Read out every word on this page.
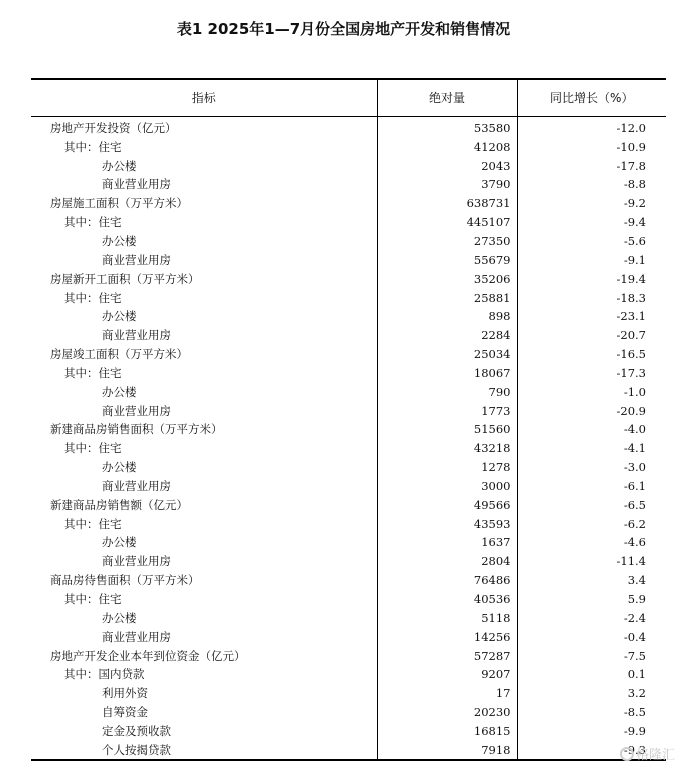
表1 2025年1—7月份全国房地产开发和销售情况
指标	绝对量	同比增长（%）
房地产开发投资（亿元）	53580	-12.0
其中：住宅	41208	-10.9
办公楼	2043	-17.8
商业营业用房	3790	-8.8
房屋施工面积（万平方米）	638731	-9.2
其中：住宅	445107	-9.4
办公楼	27350	-5.6
商业营业用房	55679	-9.1
房屋新开工面积（万平方米）	35206	-19.4
其中：住宅	25881	-18.3
办公楼	898	-23.1
商业营业用房	2284	-20.7
房屋竣工面积（万平方米）	25034	-16.5
其中：住宅	18067	-17.3
办公楼	790	-1.0
商业营业用房	1773	-20.9
新建商品房销售面积（万平方米）	51560	-4.0
其中：住宅	43218	-4.1
办公楼	1278	-3.0
商业营业用房	3000	-6.1
新建商品房销售额（亿元）	49566	-6.5
其中：住宅	43593	-6.2
办公楼	1637	-4.6
商业营业用房	2804	-11.4
商品房待售面积（万平方米）	76486	3.4
其中：住宅	40536	5.9
办公楼	5118	-2.4
商业营业用房	14256	-0.4
房地产开发企业本年到位资金（亿元）	57287	-7.5
其中：国内贷款	9207	0.1
利用外资	17	3.2
自筹资金	20230	-8.5
定金及预收款	16815	-9.9
个人按揭贷款	7918	-9.3
格隆汇
